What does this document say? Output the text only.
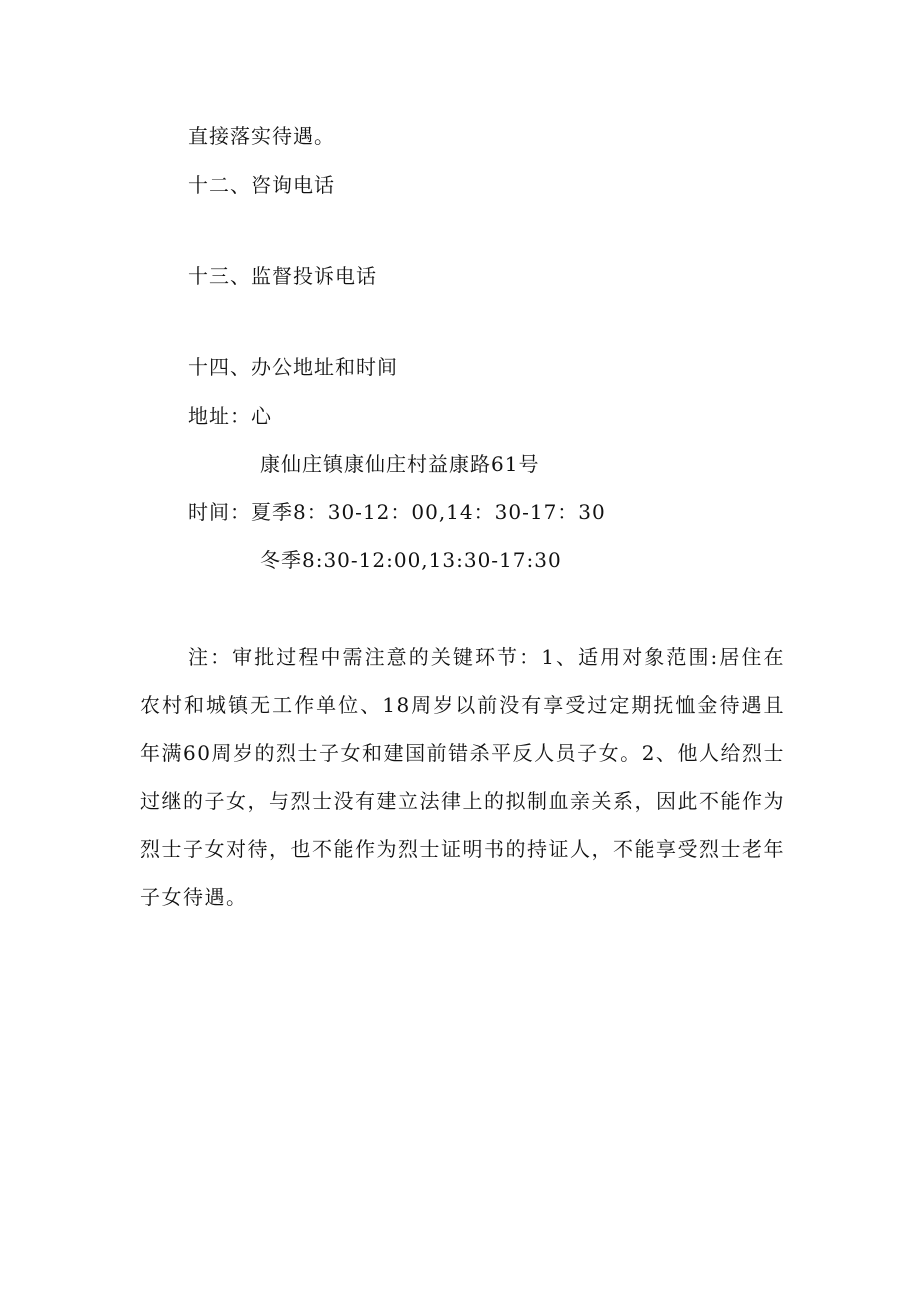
直接落实待遇。
十二、咨询电话
十三、监督投诉电话
十四、办公地址和时间
地址：心
康仙庄镇康仙庄村益康路61号
时间：夏季8：30-12：00,14：30-17：30
冬季8:30-12:00,13:30-17:30

注：审批过程中需注意的关键环节：1、适用对象范围:居住在农村和城镇无工作单位、18周岁以前没有享受过定期抚恤金待遇且年满60周岁的烈士子女和建国前错杀平反人员子女。2、他人给烈士过继的子女，与烈士没有建立法律上的拟制血亲关系，因此不能作为烈士子女对待，也不能作为烈士证明书的持证人，不能享受烈士老年子女待遇。
